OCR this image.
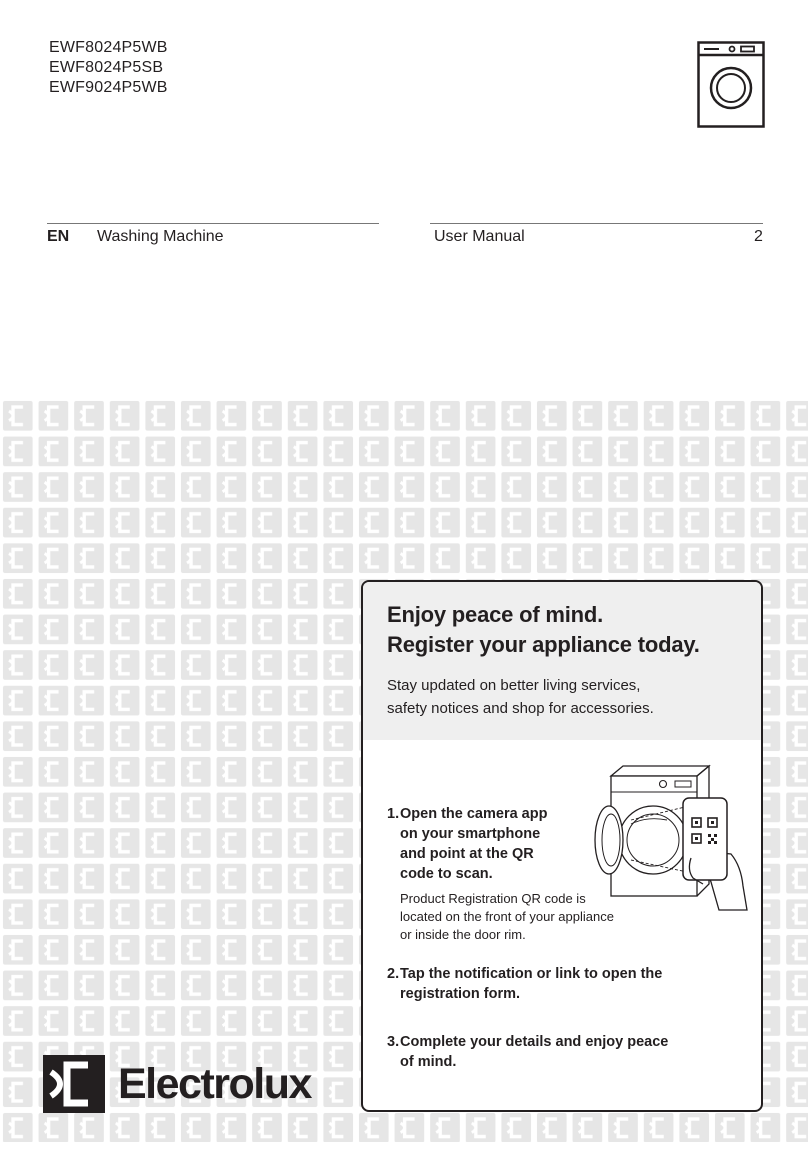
EWF8024P5WB
EWF8024P5SB
EWF9024P5WB
EN Washing Machine	User Manual	2
Electrolux
Enjoy peace of mind.
Register your appliance today.
Stay updated on better living services,
safety notices and shop for accessories.
1. Open the camera app
on your smartphone
and point at the QR
code to scan.
Product Registration QR code is
located on the front of your appliance
or inside the door rim.
2. Tap the notification or link to open the
registration form.
3. Complete your details and enjoy peace
of mind.
